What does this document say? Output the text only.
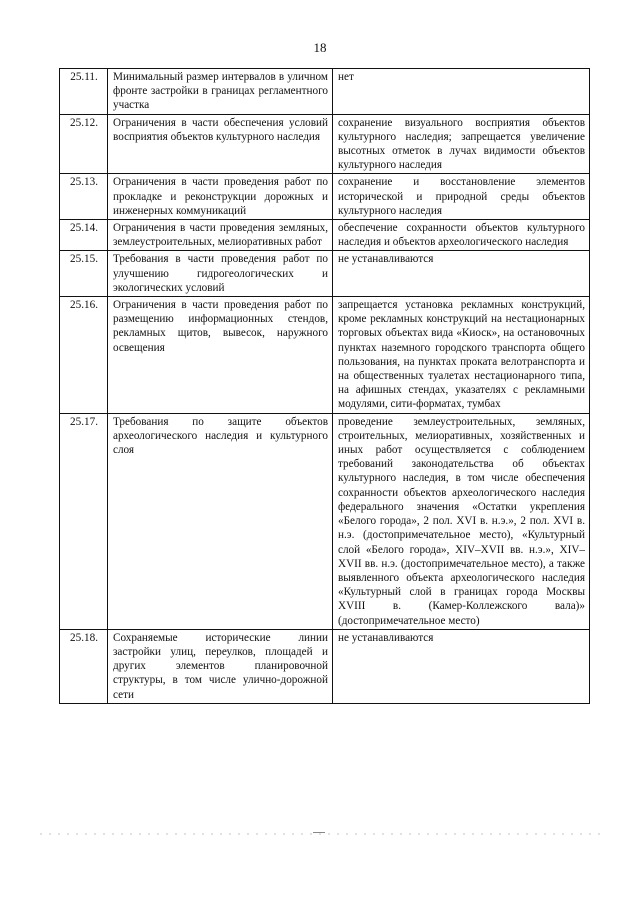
18
25.11.	Минимальный размер интервалов в уличном фронте застройки в границах регламентного участка	нет
25.12.	Ограничения в части обеспечения условий восприятия объектов культурного наследия	сохранение визуального восприятия объектов культурного наследия; запрещается увеличение высотных отметок в лучах видимости объектов культурного наследия
25.13.	Ограничения в части проведения работ по прокладке и реконструкции дорожных и инженерных коммуникаций	сохранение и восстановление элементов исторической и природной среды объектов культурного наследия
25.14.	Ограничения в части проведения земляных, землеустроительных, мелиоративных работ	обеспечение сохранности объектов культурного наследия и объектов археологического наследия
25.15.	Требования в части проведения работ по улучшению гидрогеологических и экологических условий	не устанавливаются
25.16.	Ограничения в части проведения работ по размещению информационных стендов, рекламных щитов, вывесок, наружного освещения	запрещается установка рекламных конструкций, кроме рекламных конструкций на нестационарных торговых объектах вида «Киоск», на остановочных пунктах наземного городского транспорта общего пользования, на пунктах проката велотранспорта и на общественных туалетах нестационарного типа, на афишных стендах, указателях с рекламными модулями, сити-форматах, тумбах
25.17.	Требования по защите объектов археологического наследия и культурного слоя	проведение землеустроительных, земляных, строительных, мелиоративных, хозяйственных и иных работ осуществляется с соблюдением требований законодательства об объектах культурного наследия, в том числе обеспечения сохранности объектов археологического наследия федерального значения «Остатки укрепления «Белого города», 2 пол. XVI в. н.э.», 2 пол. XVI в. н.э. (достопримечательное место), «Культурный слой «Белого города», XIV–XVII вв. н.э.», XIV–XVII вв. н.э. (достопримечательное место), а также выявленного объекта археологического наследия «Культурный слой в границах города Москвы XVIII в. (Камер-Коллежского вала)» (достопримечательное место)
25.18.	Сохраняемые исторические линии застройки улиц, переулков, площадей и других элементов планировочной структуры, в том числе улично-дорожной сети	не устанавливаются
